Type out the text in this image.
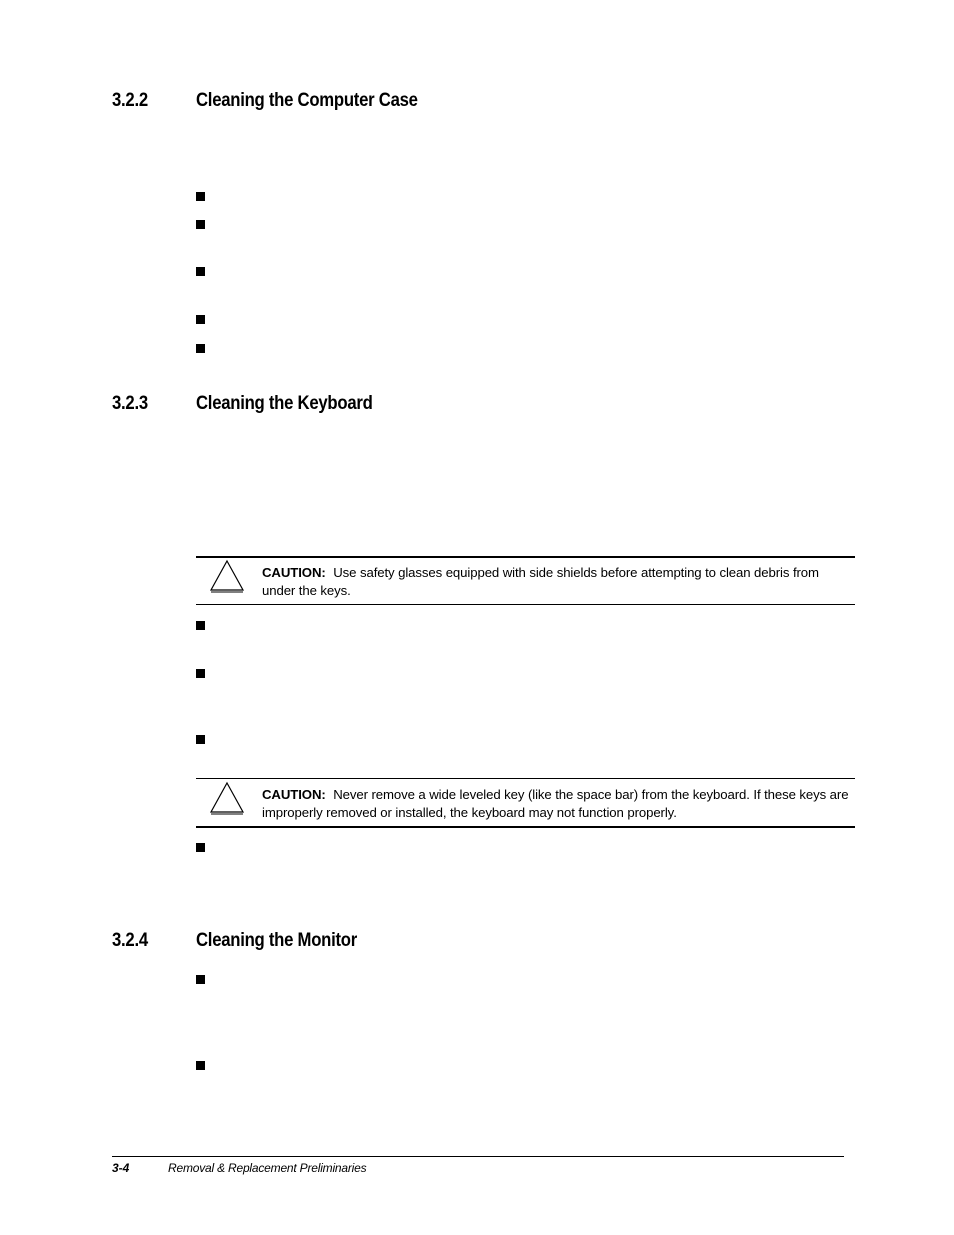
3.2.2	Cleaning the Computer Case
3.2.3	Cleaning the Keyboard
CAUTION: Use safety glasses equipped with side shields before attempting to clean debris from under the keys.
CAUTION: Never remove a wide leveled key (like the space bar) from the keyboard. If these keys are improperly removed or installed, the keyboard may not function properly.
3.2.4	Cleaning the Monitor
3-4	Removal & Replacement Preliminaries
